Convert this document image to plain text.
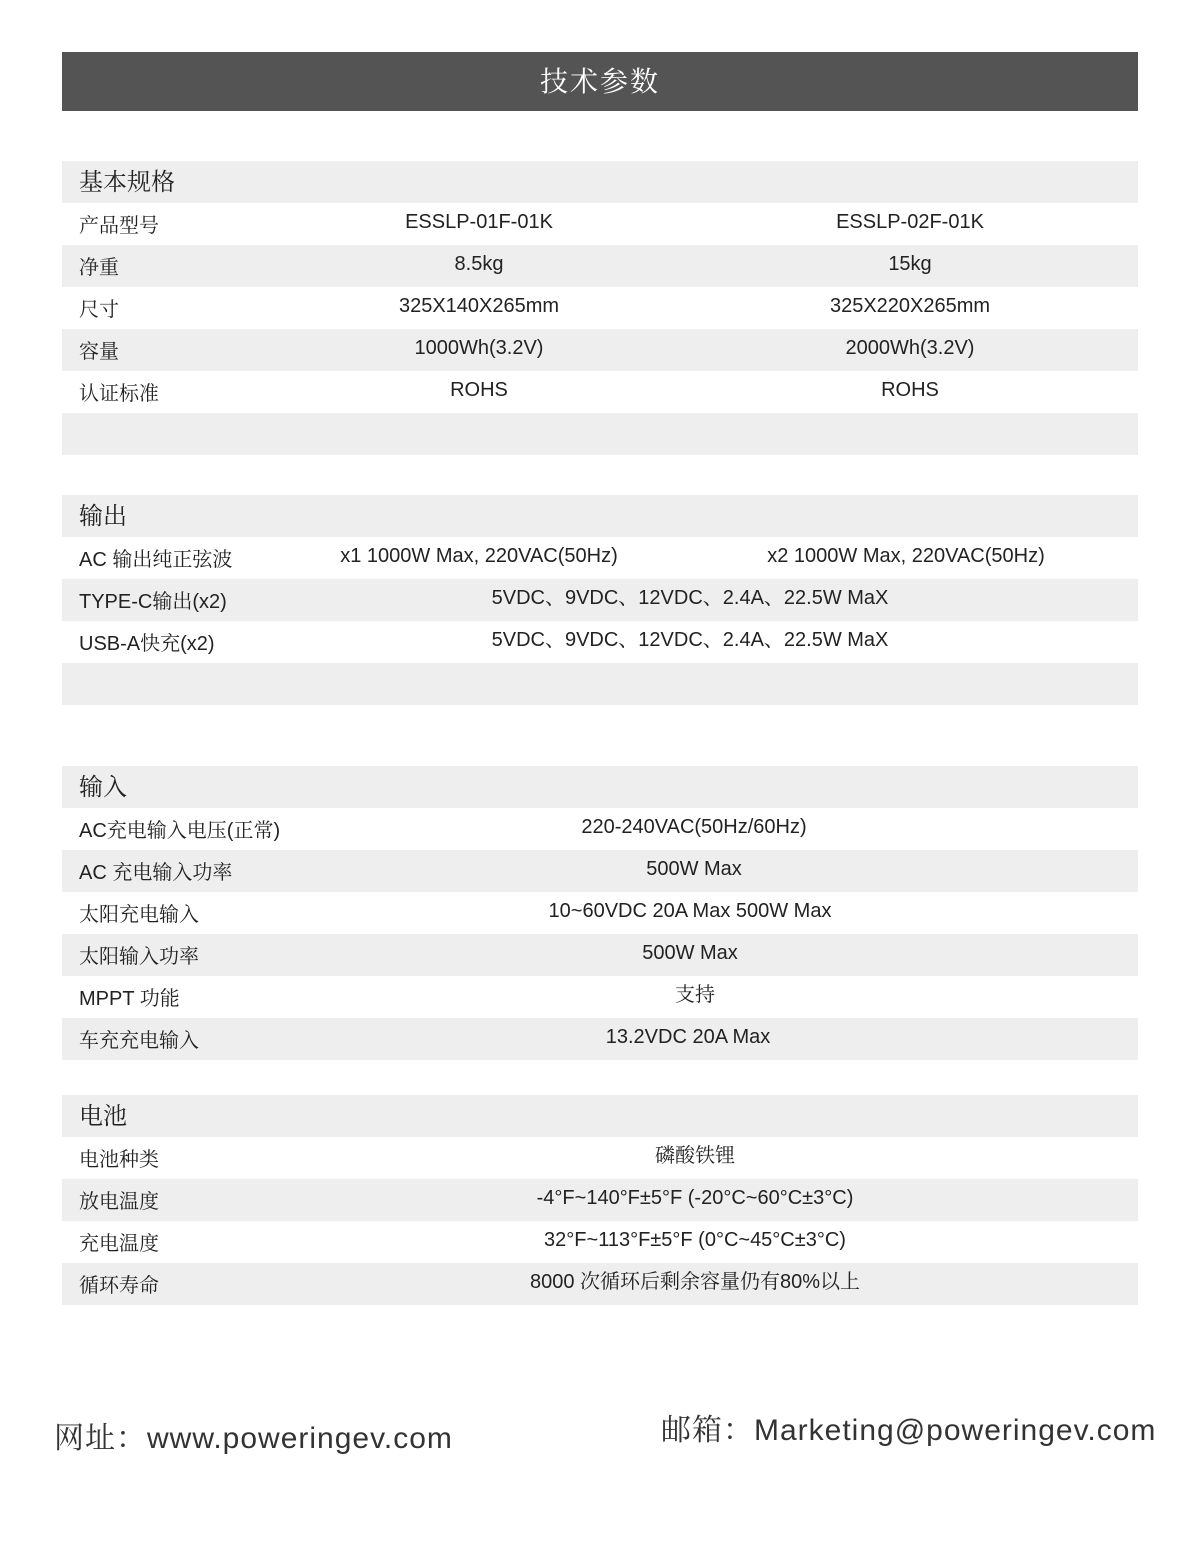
技术参数
基本规格
产品型号	ESSLP-01F-01K	ESSLP-02F-01K
净重	8.5kg	15kg
尺寸	325X140X265mm	325X220X265mm
容量	1000Wh(3.2V)	2000Wh(3.2V)
认证标准	ROHS	ROHS
输出
AC 输出纯正弦波	x1 1000W Max, 220VAC(50Hz)	x2 1000W Max, 220VAC(50Hz)
TYPE-C输出(x2)	5VDC、9VDC、12VDC、2.4A、22.5W MaX
USB-A快充(x2)	5VDC、9VDC、12VDC、2.4A、22.5W MaX
输入
AC充电输入电压(正常)	220-240VAC(50Hz/60Hz)
AC 充电输入功率	500W Max
太阳充电输入	10~60VDC 20A Max 500W Max
太阳输入功率	500W Max
MPPT 功能	支持
车充充电输入	13.2VDC 20A Max
电池
电池种类	磷酸铁锂
放电温度	-4°F~140°F±5°F (-20°C~60°C±3°C)
充电温度	32°F~113°F±5°F (0°C~45°C±3°C)
循环寿命	8000 次循环后剩余容量仍有80%以上
网址：www.poweringev.com	邮箱：Marketing@poweringev.com
